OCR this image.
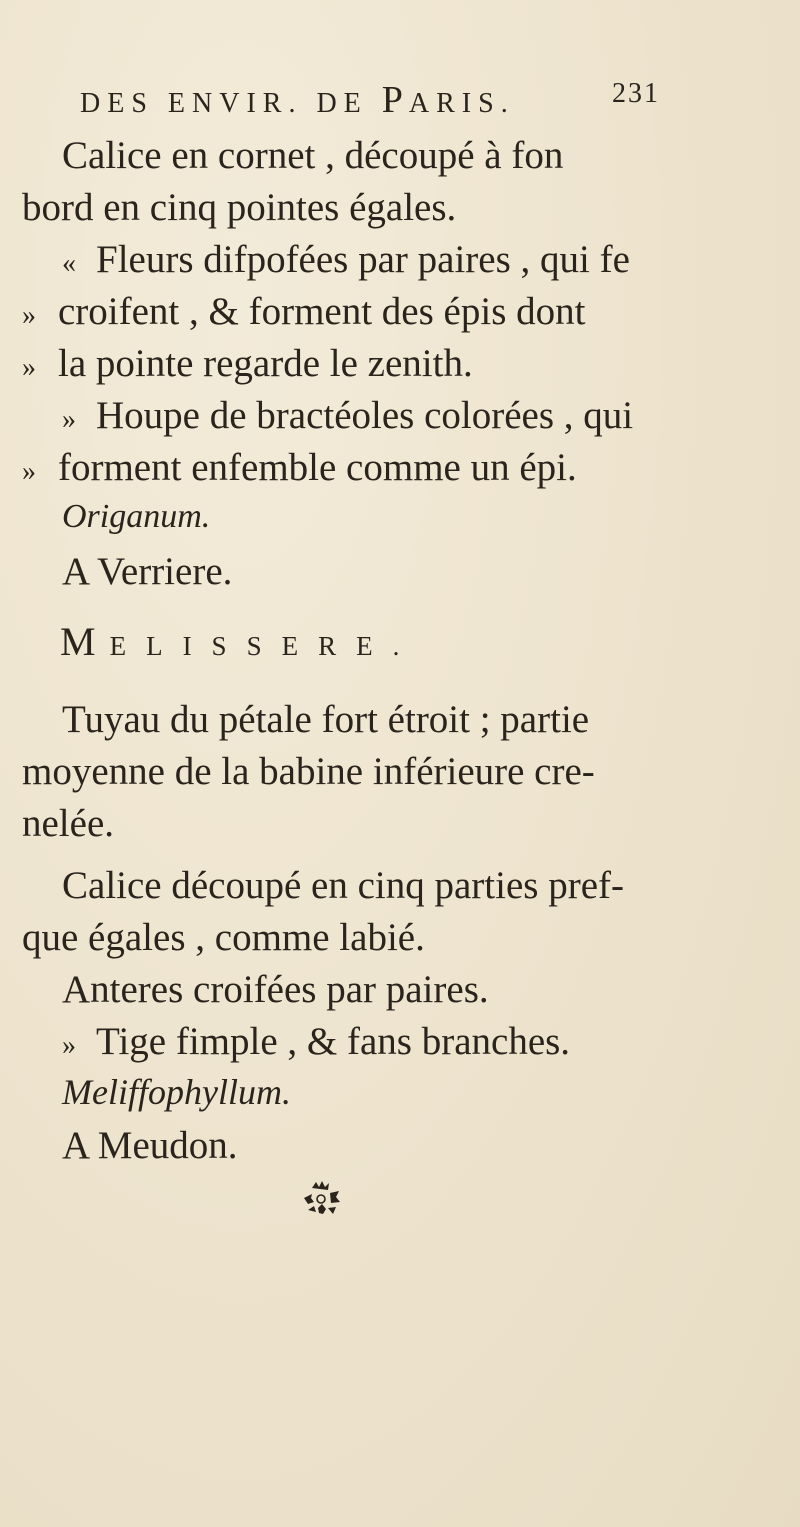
DES ENVIR. DE PARIS.	231
Calice en cornet , découpé à fon
bord en cinq pointes égales.
« Fleurs difpofées par paires , qui fe
» croifent , & forment des épis dont
» la pointe regarde le zenith.
» Houpe de bractéoles colorées , qui
» forment enfemble comme un épi.
Origanum.
A Verriere.
MELISSERE.
Tuyau du pétale fort étroit ; partie
moyenne de la babine inférieure cre-
nelée.
Calice découpé en cinq parties pref-
que égales , comme labié.
Anteres croifées par paires.
» Tige fimple , & fans branches.
Meliffophyllum.
A Meudon.
